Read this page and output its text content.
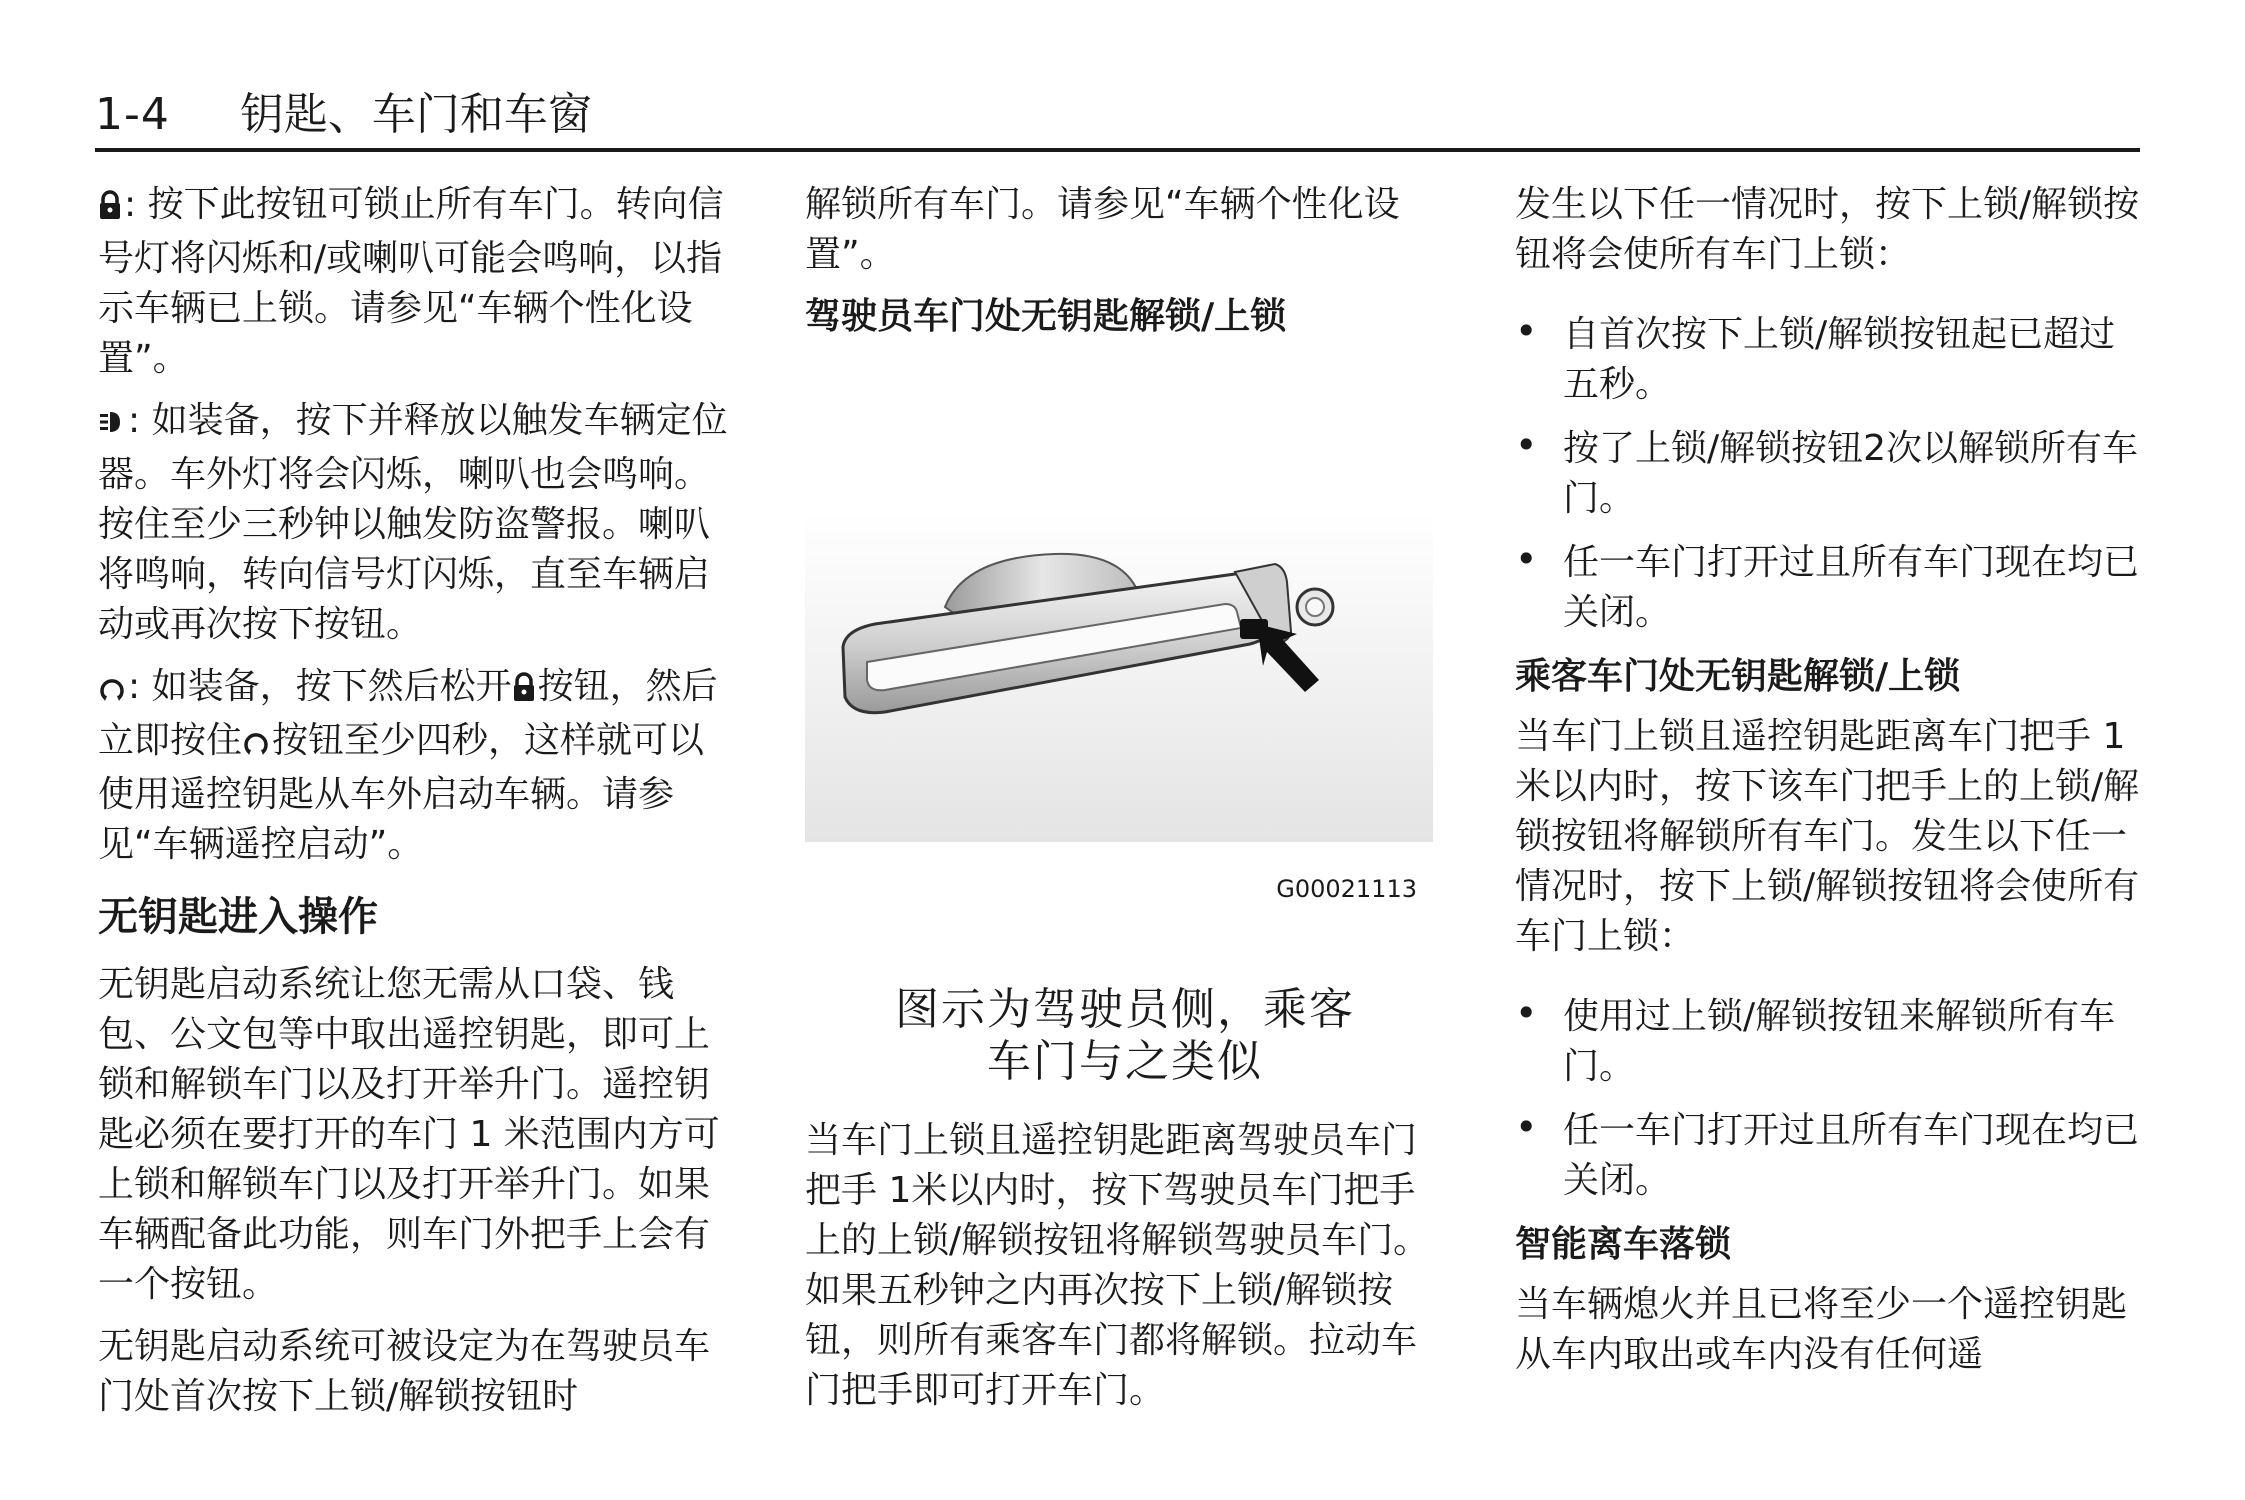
1-4 钥匙、车门和车窗

: 按下此按钮可锁止所有车门。转向信号灯将闪烁和/或喇叭可能会鸣响，以指示车辆已上锁。请参见“车辆个性化设置”。

: 如装备，按下并释放以触发车辆定位器。车外灯将会闪烁，喇叭也会鸣响。按住至少三秒钟以触发防盗警报。喇叭将鸣响，转向信号灯闪烁，直至车辆启动或再次按下按钮。

: 如装备，按下然后松开 按钮，然后立即按住 按钮至少四秒，这样就可以使用遥控钥匙从车外启动车辆。请参见“车辆遥控启动”。

无钥匙进入操作

无钥匙启动系统让您无需从口袋、钱包、公文包等中取出遥控钥匙，即可上锁和解锁车门以及打开举升门。遥控钥匙必须在要打开的车门 1 米范围内方可上锁和解锁车门以及打开举升门。如果车辆配备此功能，则车门外把手上会有一个按钮。

无钥匙启动系统可被设定为在驾驶员车门处首次按下上锁/解锁按钮时

解锁所有车门。请参见“车辆个性化设置”。

驾驶员车门处无钥匙解锁/上锁
G00021113
图示为驾驶员侧，乘客
车门与之类似

当车门上锁且遥控钥匙距离驾驶员车门把手 1米以内时，按下驾驶员车门把手上的上锁/解锁按钮将解锁驾驶员车门。如果五秒钟之内再次按下上锁/解锁按钮，则所有乘客车门都将解锁。拉动车门把手即可打开车门。

发生以下任一情况时，按下上锁/解锁按钮将会使所有车门上锁：

• 自首次按下上锁/解锁按钮起已超过五秒。
• 按了上锁/解锁按钮2次以解锁所有车门。
• 任一车门打开过且所有车门现在均已关闭。
乘客车门处无钥匙解锁/上锁

当车门上锁且遥控钥匙距离车门把手 1 米以内时，按下该车门把手上的上锁/解锁按钮将解锁所有车门。发生以下任一情况时，按下上锁/解锁按钮将会使所有车门上锁：

• 使用过上锁/解锁按钮来解锁所有车门。
• 任一车门打开过且所有车门现在均已关闭。
智能离车落锁

当车辆熄火并且已将至少一个遥控钥匙从车内取出或车内没有任何遥
